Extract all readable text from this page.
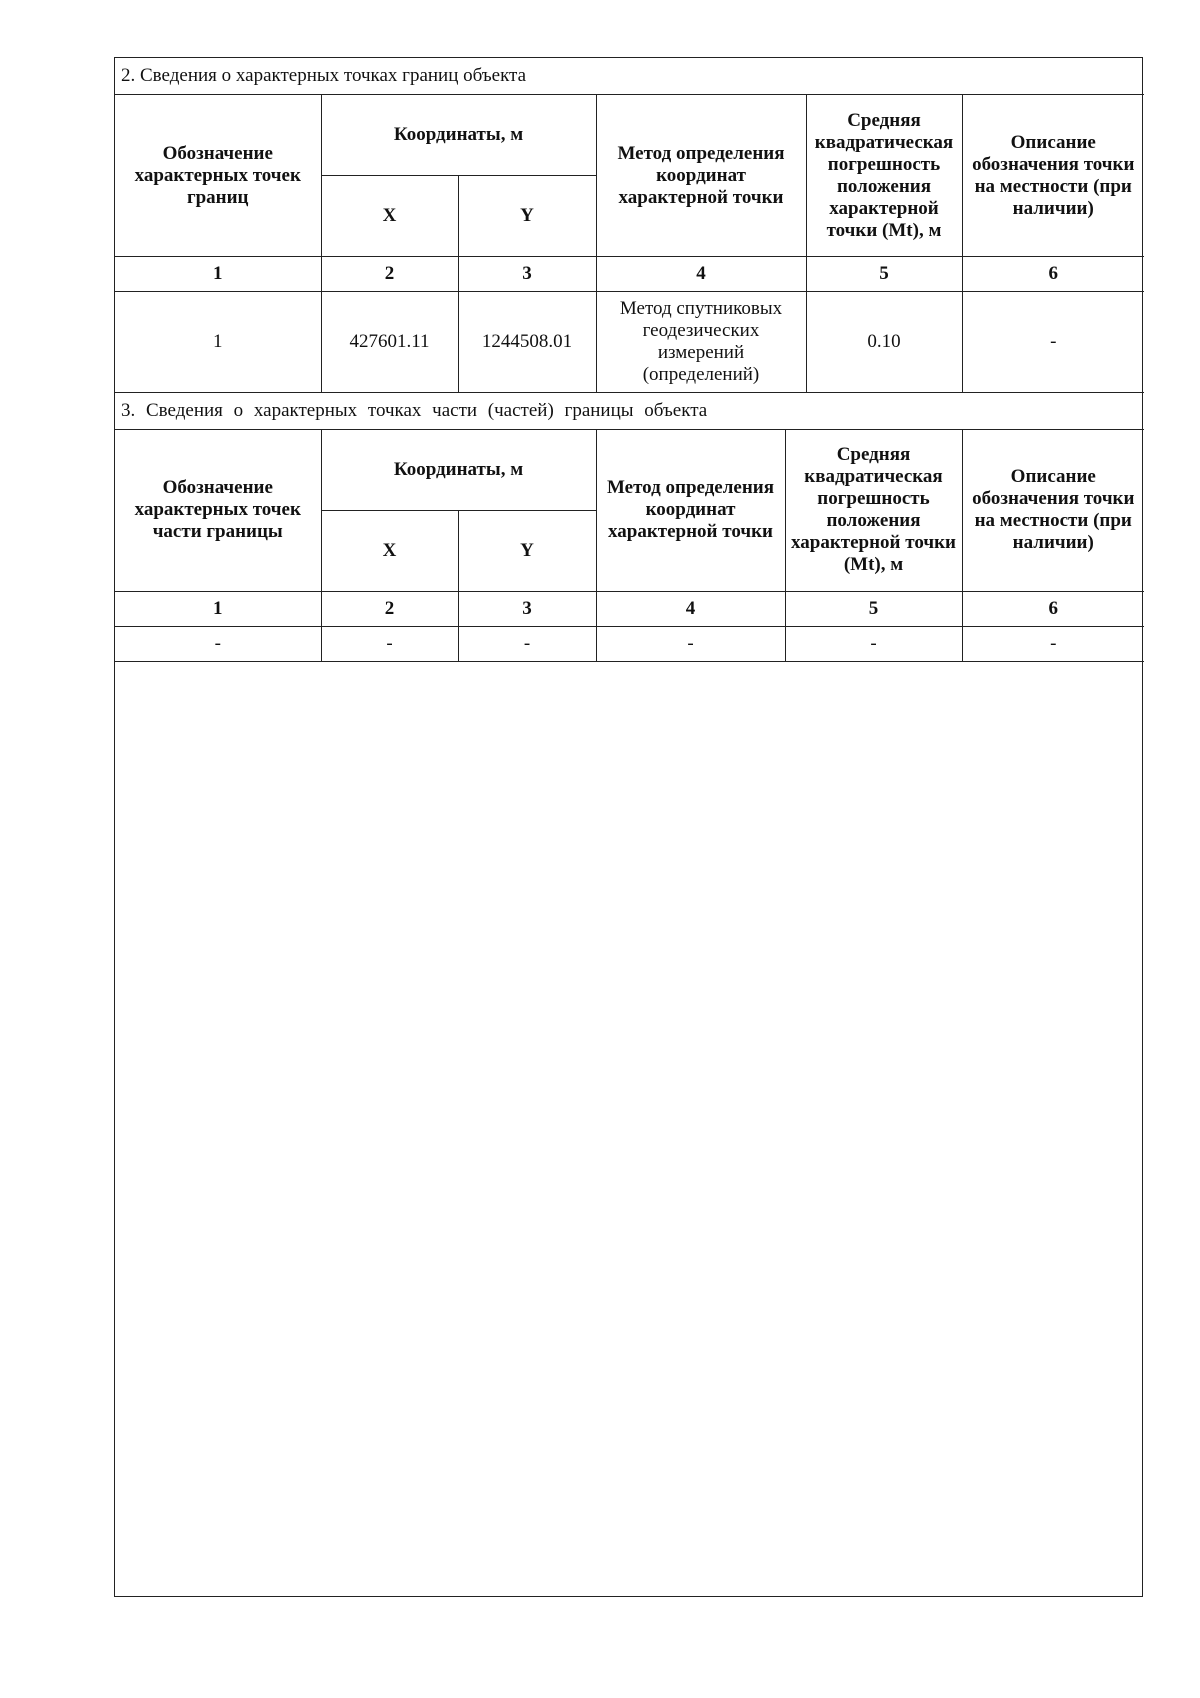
2. Сведения о характерных точках границ объекта					
Обозначение характерных точек границ	Координаты, м		Метод определения координат характерной точки	Средняя квадратическая погрешность положения характерной точки (Mt), м	Описание обозначения точки на местности (при наличии)
	X	Y			
1	2	3	4	5	6
1	427601.11	1244508.01	Метод спутниковых геодезических измерений (определений)	0.10	-
3. Сведения о характерных точках части (частей) границы объекта					
Обозначение характерных точек части границы	Координаты, м		Метод определения координат характерной точки	Средняя квадратическая погрешность положения характерной точки (Mt), м	Описание обозначения точки на местности (при наличии)
	X	Y			
1	2	3	4	5	6
-	-	-	-	-	-
